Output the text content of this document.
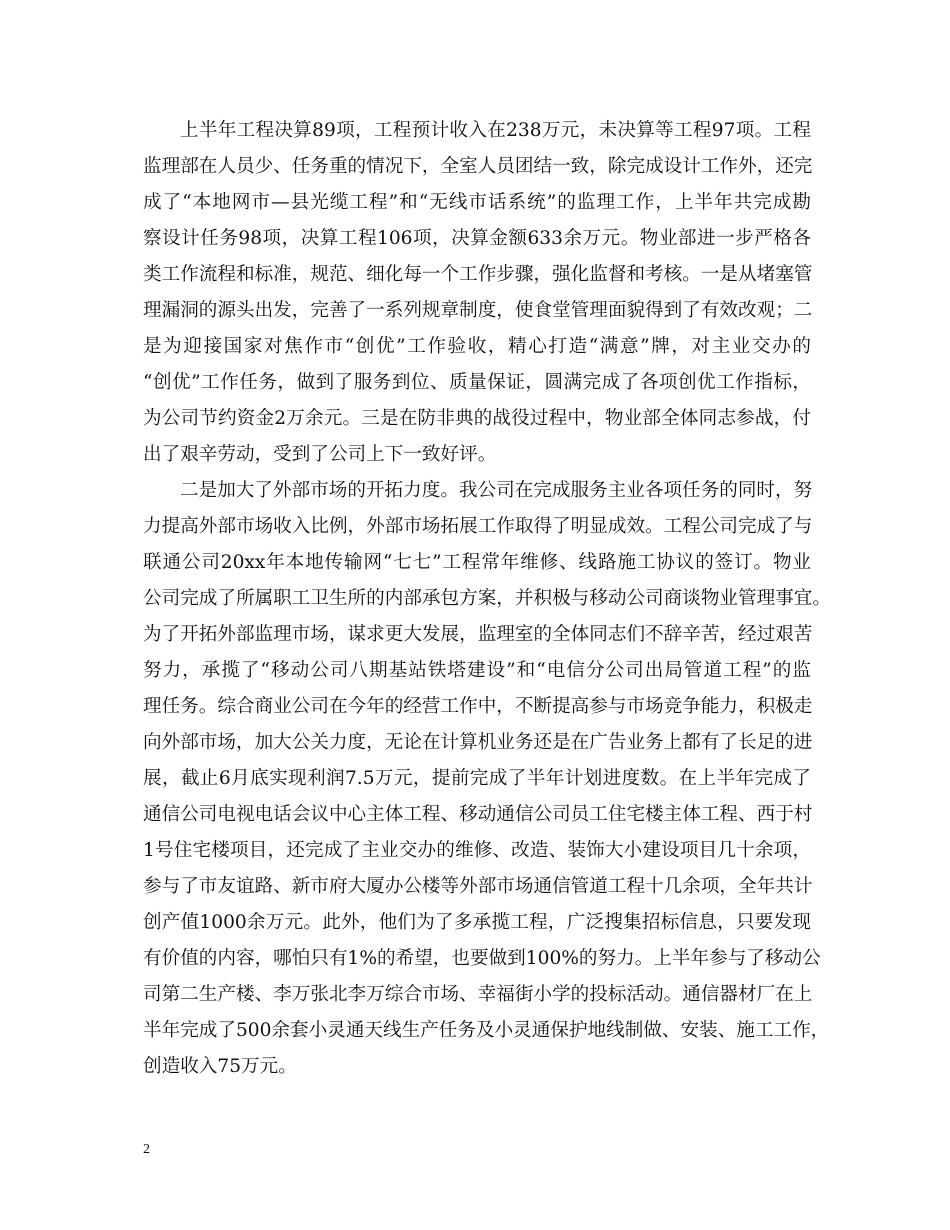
上半年工程决算89项，工程预计收入在238万元，未决算等工程97项。工程
监理部在人员少、任务重的情况下，全室人员团结一致，除完成设计工作外，还完
成了“本地网市—县光缆工程”和“无线市话系统”的监理工作，上半年共完成勘
察设计任务98项，决算工程106项，决算金额633余万元。物业部进一步严格各
类工作流程和标准，规范、细化每一个工作步骤，强化监督和考核。一是从堵塞管
理漏洞的源头出发，完善了一系列规章制度，使食堂管理面貌得到了有效改观；二
是为迎接国家对焦作市“创优”工作验收，精心打造“满意”牌，对主业交办的
“创优”工作任务，做到了服务到位、质量保证，圆满完成了各项创优工作指标，
为公司节约资金2万余元。三是在防非典的战役过程中，物业部全体同志参战，付
出了艰辛劳动，受到了公司上下一致好评。
二是加大了外部市场的开拓力度。我公司在完成服务主业各项任务的同时，努
力提高外部市场收入比例，外部市场拓展工作取得了明显成效。工程公司完成了与
联通公司20xx年本地传输网“七七”工程常年维修、线路施工协议的签订。物业
公司完成了所属职工卫生所的内部承包方案，并积极与移动公司商谈物业管理事宜。
为了开拓外部监理市场，谋求更大发展，监理室的全体同志们不辞辛苦，经过艰苦
努力，承揽了“移动公司八期基站铁塔建设”和“电信分公司出局管道工程”的监
理任务。综合商业公司在今年的经营工作中，不断提高参与市场竞争能力，积极走
向外部市场，加大公关力度，无论在计算机业务还是在广告业务上都有了长足的进
展，截止6月底实现利润7.5万元，提前完成了半年计划进度数。在上半年完成了
通信公司电视电话会议中心主体工程、移动通信公司员工住宅楼主体工程、西于村
1号住宅楼项目，还完成了主业交办的维修、改造、装饰大小建设项目几十余项，
参与了市友谊路、新市府大厦办公楼等外部市场通信管道工程十几余项，全年共计
创产值1000余万元。此外，他们为了多承揽工程，广泛搜集招标信息，只要发现
有价值的内容，哪怕只有1%的希望，也要做到100%的努力。上半年参与了移动公
司第二生产楼、李万张北李万综合市场、幸福街小学的投标活动。通信器材厂在上
半年完成了500余套小灵通天线生产任务及小灵通保护地线制做、安装、施工工作，
创造收入75万元。
2
